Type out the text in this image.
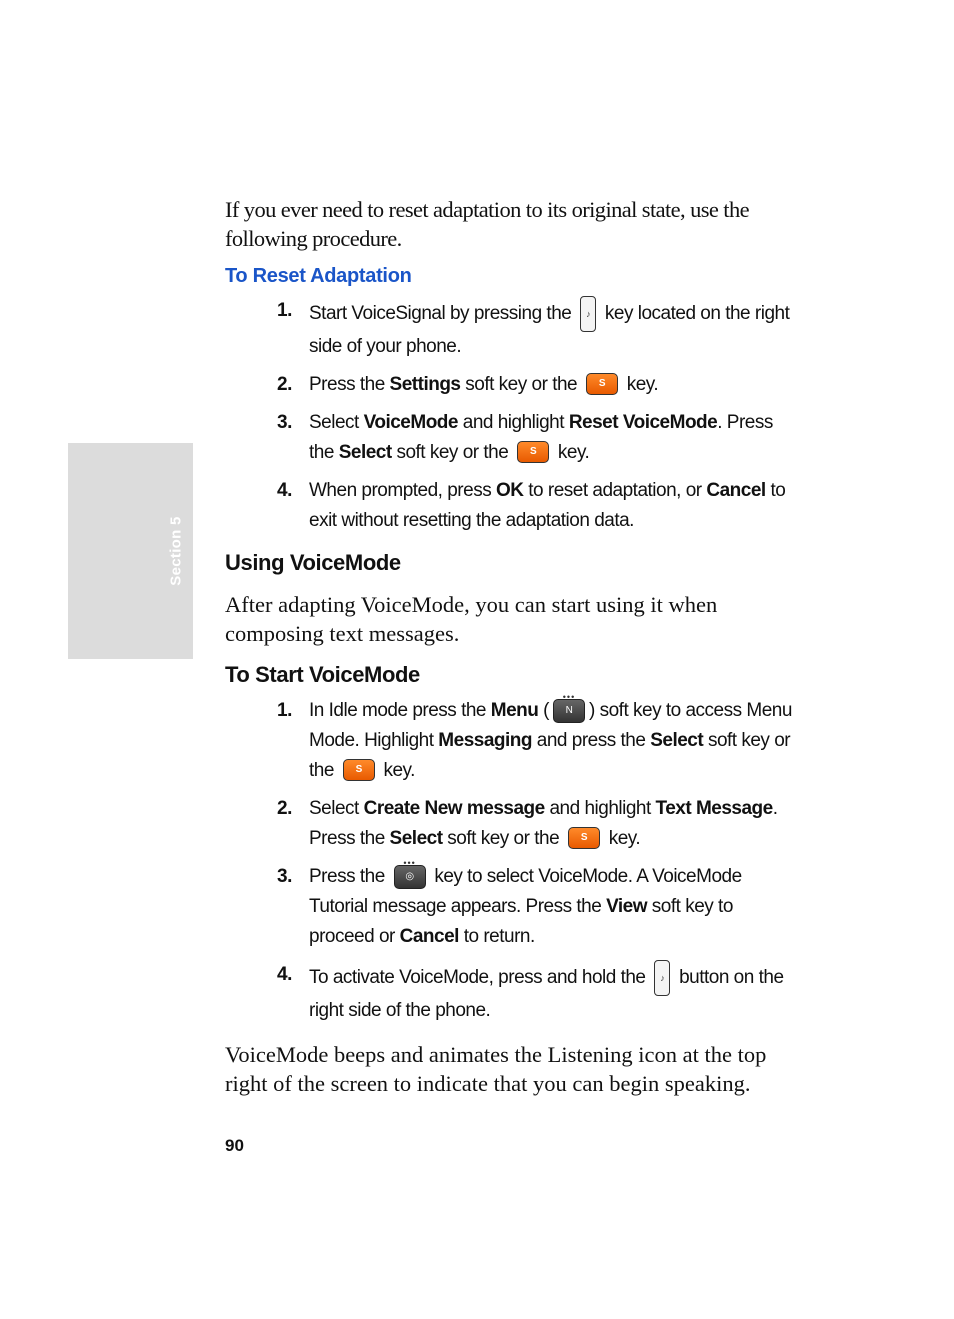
Section 5

If you ever need to reset adaptation to its original state, use the following procedure.

To Reset Adaptation
1. Start VoiceSignal by pressing the ♪ key located on the right side of your phone.
2. Press the Settings soft key or the S key.
3. Select VoiceMode and highlight Reset VoiceMode. Press the Select soft key or the S key.
4. When prompted, press OK to reset adaptation, or Cancel to exit without resetting the adaptation data.
Using VoiceMode

After adapting VoiceMode, you can start using it when composing text messages.

To Start VoiceMode
1. In Idle mode press the Menu ( ••• N ) soft key to access Menu Mode. Highlight Messaging and press the Select soft key or the S key.
2. Select Create New message and highlight Text Message. Press the Select soft key or the S key.
3. Press the ••• ◎ key to select VoiceMode. A VoiceMode Tutorial message appears. Press the View soft key to proceed or Cancel to return.
4. To activate VoiceMode, press and hold the ♪ button on the right side of the phone.

VoiceMode beeps and animates the Listening icon at the top right of the screen to indicate that you can begin speaking.

90
